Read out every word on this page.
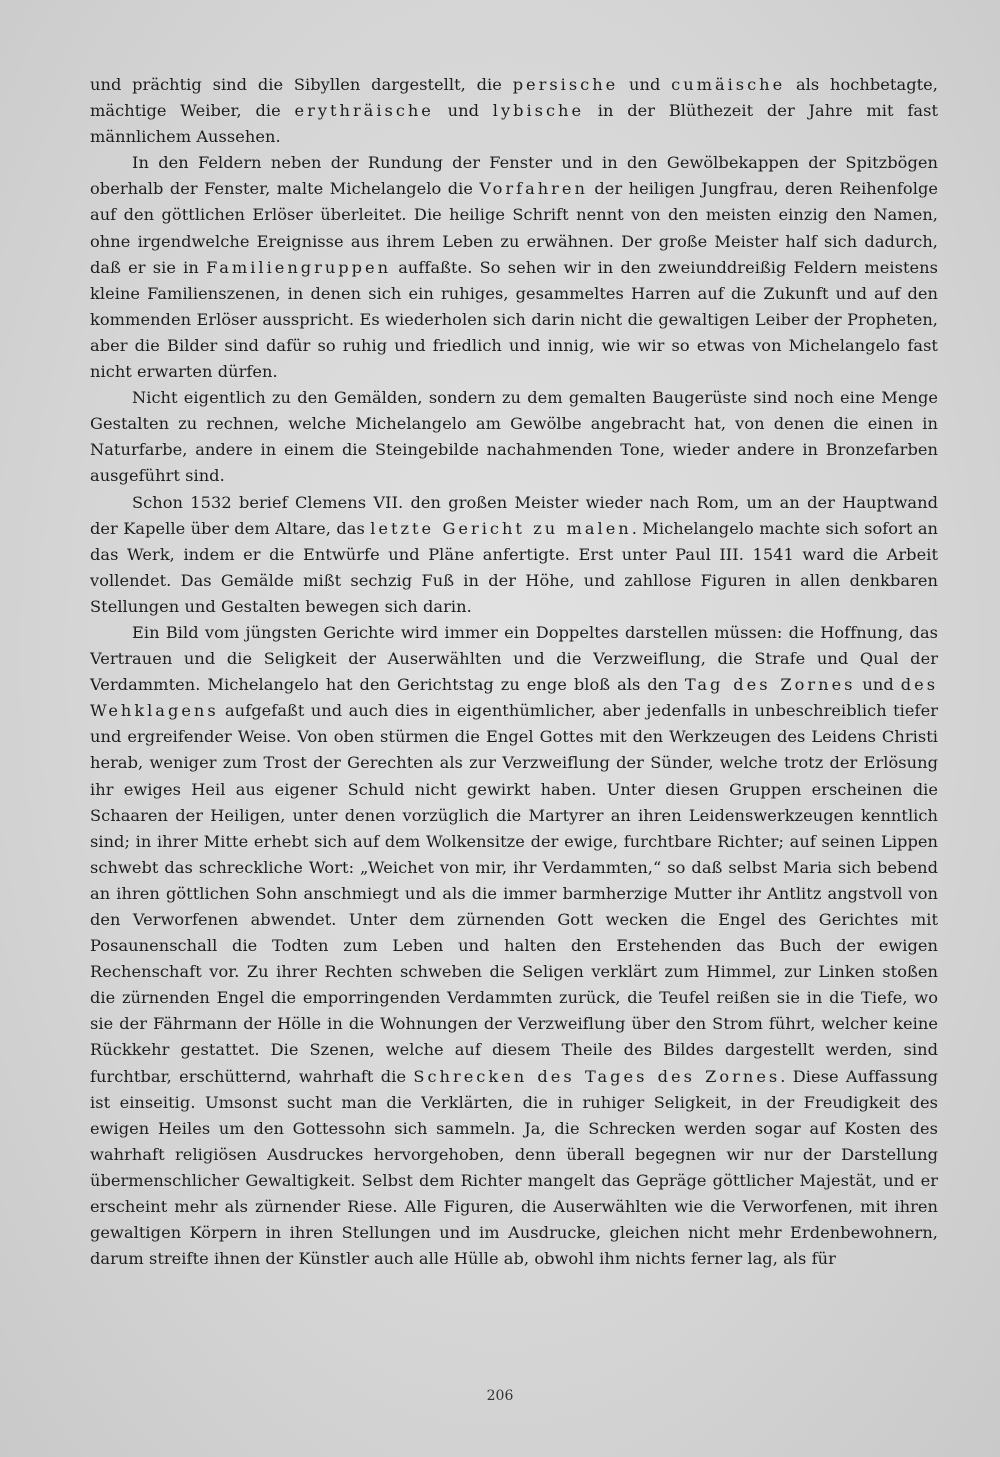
und prächtig sind die Sibyllen dargestellt, die persische und cumäische als hochbetagte, mächtige Weiber, die erythräische und lybische in der Blüthezeit der Jahre mit fast männlichem Aussehen.

In den Feldern neben der Rundung der Fenster und in den Gewölbekappen der Spitzbögen oberhalb der Fenster, malte Michelangelo die Vorfahren der heiligen Jungfrau, deren Reihenfolge auf den göttlichen Erlöser überleitet. Die heilige Schrift nennt von den meisten einzig den Namen, ohne irgendwelche Ereignisse aus ihrem Leben zu erwähnen. Der große Meister half sich dadurch, daß er sie in Familiengruppen auffaßte. So sehen wir in den zweiunddreißig Feldern meistens kleine Familienszenen, in denen sich ein ruhiges, gesammeltes Harren auf die Zukunft und auf den kommenden Erlöser ausspricht. Es wiederholen sich darin nicht die gewaltigen Leiber der Propheten, aber die Bilder sind dafür so ruhig und friedlich und innig, wie wir so etwas von Michelangelo fast nicht erwarten dürfen.

Nicht eigentlich zu den Gemälden, sondern zu dem gemalten Baugerüste sind noch eine Menge Gestalten zu rechnen, welche Michelangelo am Gewölbe angebracht hat, von denen die einen in Naturfarbe, andere in einem die Steingebilde nachahmenden Tone, wieder andere in Bronzefarben ausgeführt sind.

Schon 1532 berief Clemens VII. den großen Meister wieder nach Rom, um an der Hauptwand der Kapelle über dem Altare, das letzte Gericht zu malen. Michelangelo machte sich sofort an das Werk, indem er die Entwürfe und Pläne anfertigte. Erst unter Paul III. 1541 ward die Arbeit vollendet. Das Gemälde mißt sechzig Fuß in der Höhe, und zahllose Figuren in allen denkbaren Stellungen und Gestalten bewegen sich darin.

Ein Bild vom jüngsten Gerichte wird immer ein Doppeltes darstellen müssen: die Hoffnung, das Vertrauen und die Seligkeit der Auserwählten und die Verzweiflung, die Strafe und Qual der Verdammten. Michelangelo hat den Gerichtstag zu enge bloß als den Tag des Zornes und des Wehklagens aufgefaßt und auch dies in eigenthümlicher, aber jedenfalls in unbeschreiblich tiefer und ergreifender Weise. Von oben stürmen die Engel Gottes mit den Werkzeugen des Leidens Christi herab, weniger zum Trost der Gerechten als zur Verzweiflung der Sünder, welche trotz der Erlösung ihr ewiges Heil aus eigener Schuld nicht gewirkt haben. Unter diesen Gruppen erscheinen die Schaaren der Heiligen, unter denen vorzüglich die Martyrer an ihren Leidenswerkzeugen kenntlich sind; in ihrer Mitte erhebt sich auf dem Wolkensitze der ewige, furchtbare Richter; auf seinen Lippen schwebt das schreckliche Wort: „Weichet von mir, ihr Verdammten,“ so daß selbst Maria sich bebend an ihren göttlichen Sohn anschmiegt und als die immer barmherzige Mutter ihr Antlitz angstvoll von den Verworfenen abwendet. Unter dem zürnenden Gott wecken die Engel des Gerichtes mit Posaunenschall die Todten zum Leben und halten den Erstehenden das Buch der ewigen Rechenschaft vor. Zu ihrer Rechten schweben die Seligen verklärt zum Himmel, zur Linken stoßen die zürnenden Engel die emporringenden Verdammten zurück, die Teufel reißen sie in die Tiefe, wo sie der Fährmann der Hölle in die Wohnungen der Verzweiflung über den Strom führt, welcher keine Rückkehr gestattet. Die Szenen, welche auf diesem Theile des Bildes dargestellt werden, sind furchtbar, erschütternd, wahrhaft die Schrecken des Tages des Zornes. Diese Auffassung ist einseitig. Umsonst sucht man die Verklärten, die in ruhiger Seligkeit, in der Freudigkeit des ewigen Heiles um den Gottessohn sich sammeln. Ja, die Schrecken werden sogar auf Kosten des wahrhaft religiösen Ausdruckes hervorgehoben, denn überall begegnen wir nur der Darstellung übermenschlicher Gewaltigkeit. Selbst dem Richter mangelt das Gepräge göttlicher Majestät, und er erscheint mehr als zürnender Riese. Alle Figuren, die Auserwählten wie die Verworfenen, mit ihren gewaltigen Körpern in ihren Stellungen und im Ausdrucke, gleichen nicht mehr Erdenbewohnern, darum streifte ihnen der Künstler auch alle Hülle ab, obwohl ihm nichts ferner lag, als für

206
